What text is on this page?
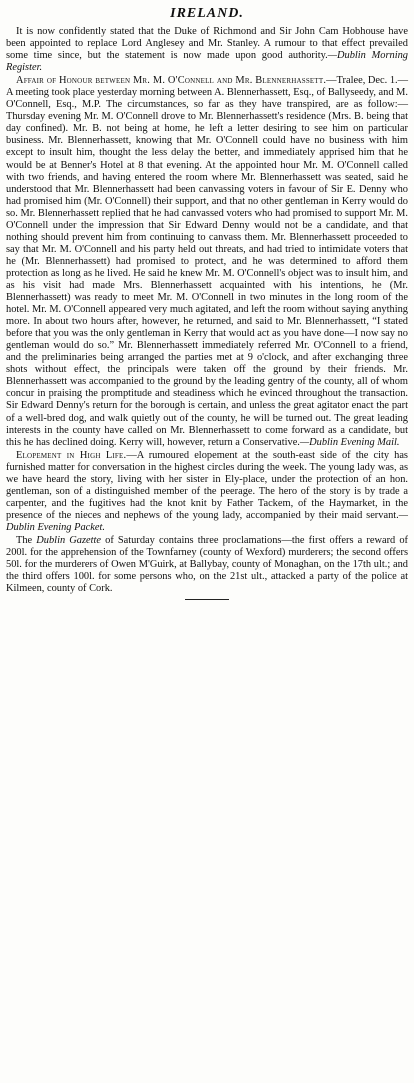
IRELAND.

It is now confidently stated that the Duke of Richmond and Sir John Cam Hobhouse have been appointed to replace Lord Anglesey and Mr. Stanley. A rumour to that effect prevailed some time since, but the statement is now made upon good authority.—Dublin Morning Register.

Affair of Honour between Mr. M. O'Connell and Mr. Blennerhassett.—Tralee, Dec. 1.—A meeting took place yesterday morning between A. Blennerhassett, Esq., of Ballyseedy, and M. O'Connell, Esq., M.P. The circumstances, so far as they have transpired, are as follow:—Thursday evening Mr. M. O'Connell drove to Mr. Blennerhassett's residence (Mrs. B. being that day confined). Mr. B. not being at home, he left a letter desiring to see him on particular business. Mr. Blennerhassett, knowing that Mr. O'Connell could have no business with him except to insult him, thought the less delay the better, and immediately apprised him that he would be at Benner's Hotel at 8 that evening. At the appointed hour Mr. M. O'Connell called with two friends, and having entered the room where Mr. Blennerhassett was seated, said he understood that Mr. Blennerhassett had been canvassing voters in favour of Sir E. Denny who had promised him (Mr. O'Connell) their support, and that no other gentleman in Kerry would do so. Mr. Blennerhassett replied that he had canvassed voters who had promised to support Mr. M. O'Connell under the impression that Sir Edward Denny would not be a candidate, and that nothing should prevent him from continuing to canvass them. Mr. Blennerhassett proceeded to say that Mr. M. O'Connell and his party held out threats, and had tried to intimidate voters that he (Mr. Blennerhassett) had promised to protect, and he was determined to afford them protection as long as he lived. He said he knew Mr. M. O'Connell's object was to insult him, and as his visit had made Mrs. Blennerhassett acquainted with his intentions, he (Mr. Blennerhassett) was ready to meet Mr. M. O'Connell in two minutes in the long room of the hotel. Mr. M. O'Connell appeared very much agitated, and left the room without saying anything more. In about two hours after, however, he returned, and said to Mr. Blennerhassett, “I stated before that you was the only gentleman in Kerry that would act as you have done—I now say no gentleman would do so.” Mr. Blennerhassett immediately referred Mr. O'Connell to a friend, and the preliminaries being arranged the parties met at 9 o'clock, and after exchanging three shots without effect, the principals were taken off the ground by their friends. Mr. Blennerhassett was accompanied to the ground by the leading gentry of the county, all of whom concur in praising the promptitude and steadiness which he evinced throughout the transaction. Sir Edward Denny's return for the borough is certain, and unless the great agitator enact the part of a well-bred dog, and walk quietly out of the county, he will be turned out. The great leading interests in the county have called on Mr. Blennerhassett to come forward as a candidate, but this he has declined doing. Kerry will, however, return a Conservative.—Dublin Evening Mail.

Elopement in High Life.—A rumoured elopement at the south-east side of the city has furnished matter for conversation in the highest circles during the week. The young lady was, as we have heard the story, living with her sister in Ely-place, under the protection of an hon. gentleman, son of a distinguished member of the peerage. The hero of the story is by trade a carpenter, and the fugitives had the knot knit by Father Tackem, of the Haymarket, in the presence of the nieces and nephews of the young lady, accompanied by their maid servant.—Dublin Evening Packet.

The Dublin Gazette of Saturday contains three proclamations—the first offers a reward of 200l. for the apprehension of the Townfarney (county of Wexford) murderers; the second offers 50l. for the murderers of Owen M'Guirk, at Ballybay, county of Monaghan, on the 17th ult.; and the third offers 100l. for some persons who, on the 21st ult., attacked a party of the police at Kilmeen, county of Cork.
